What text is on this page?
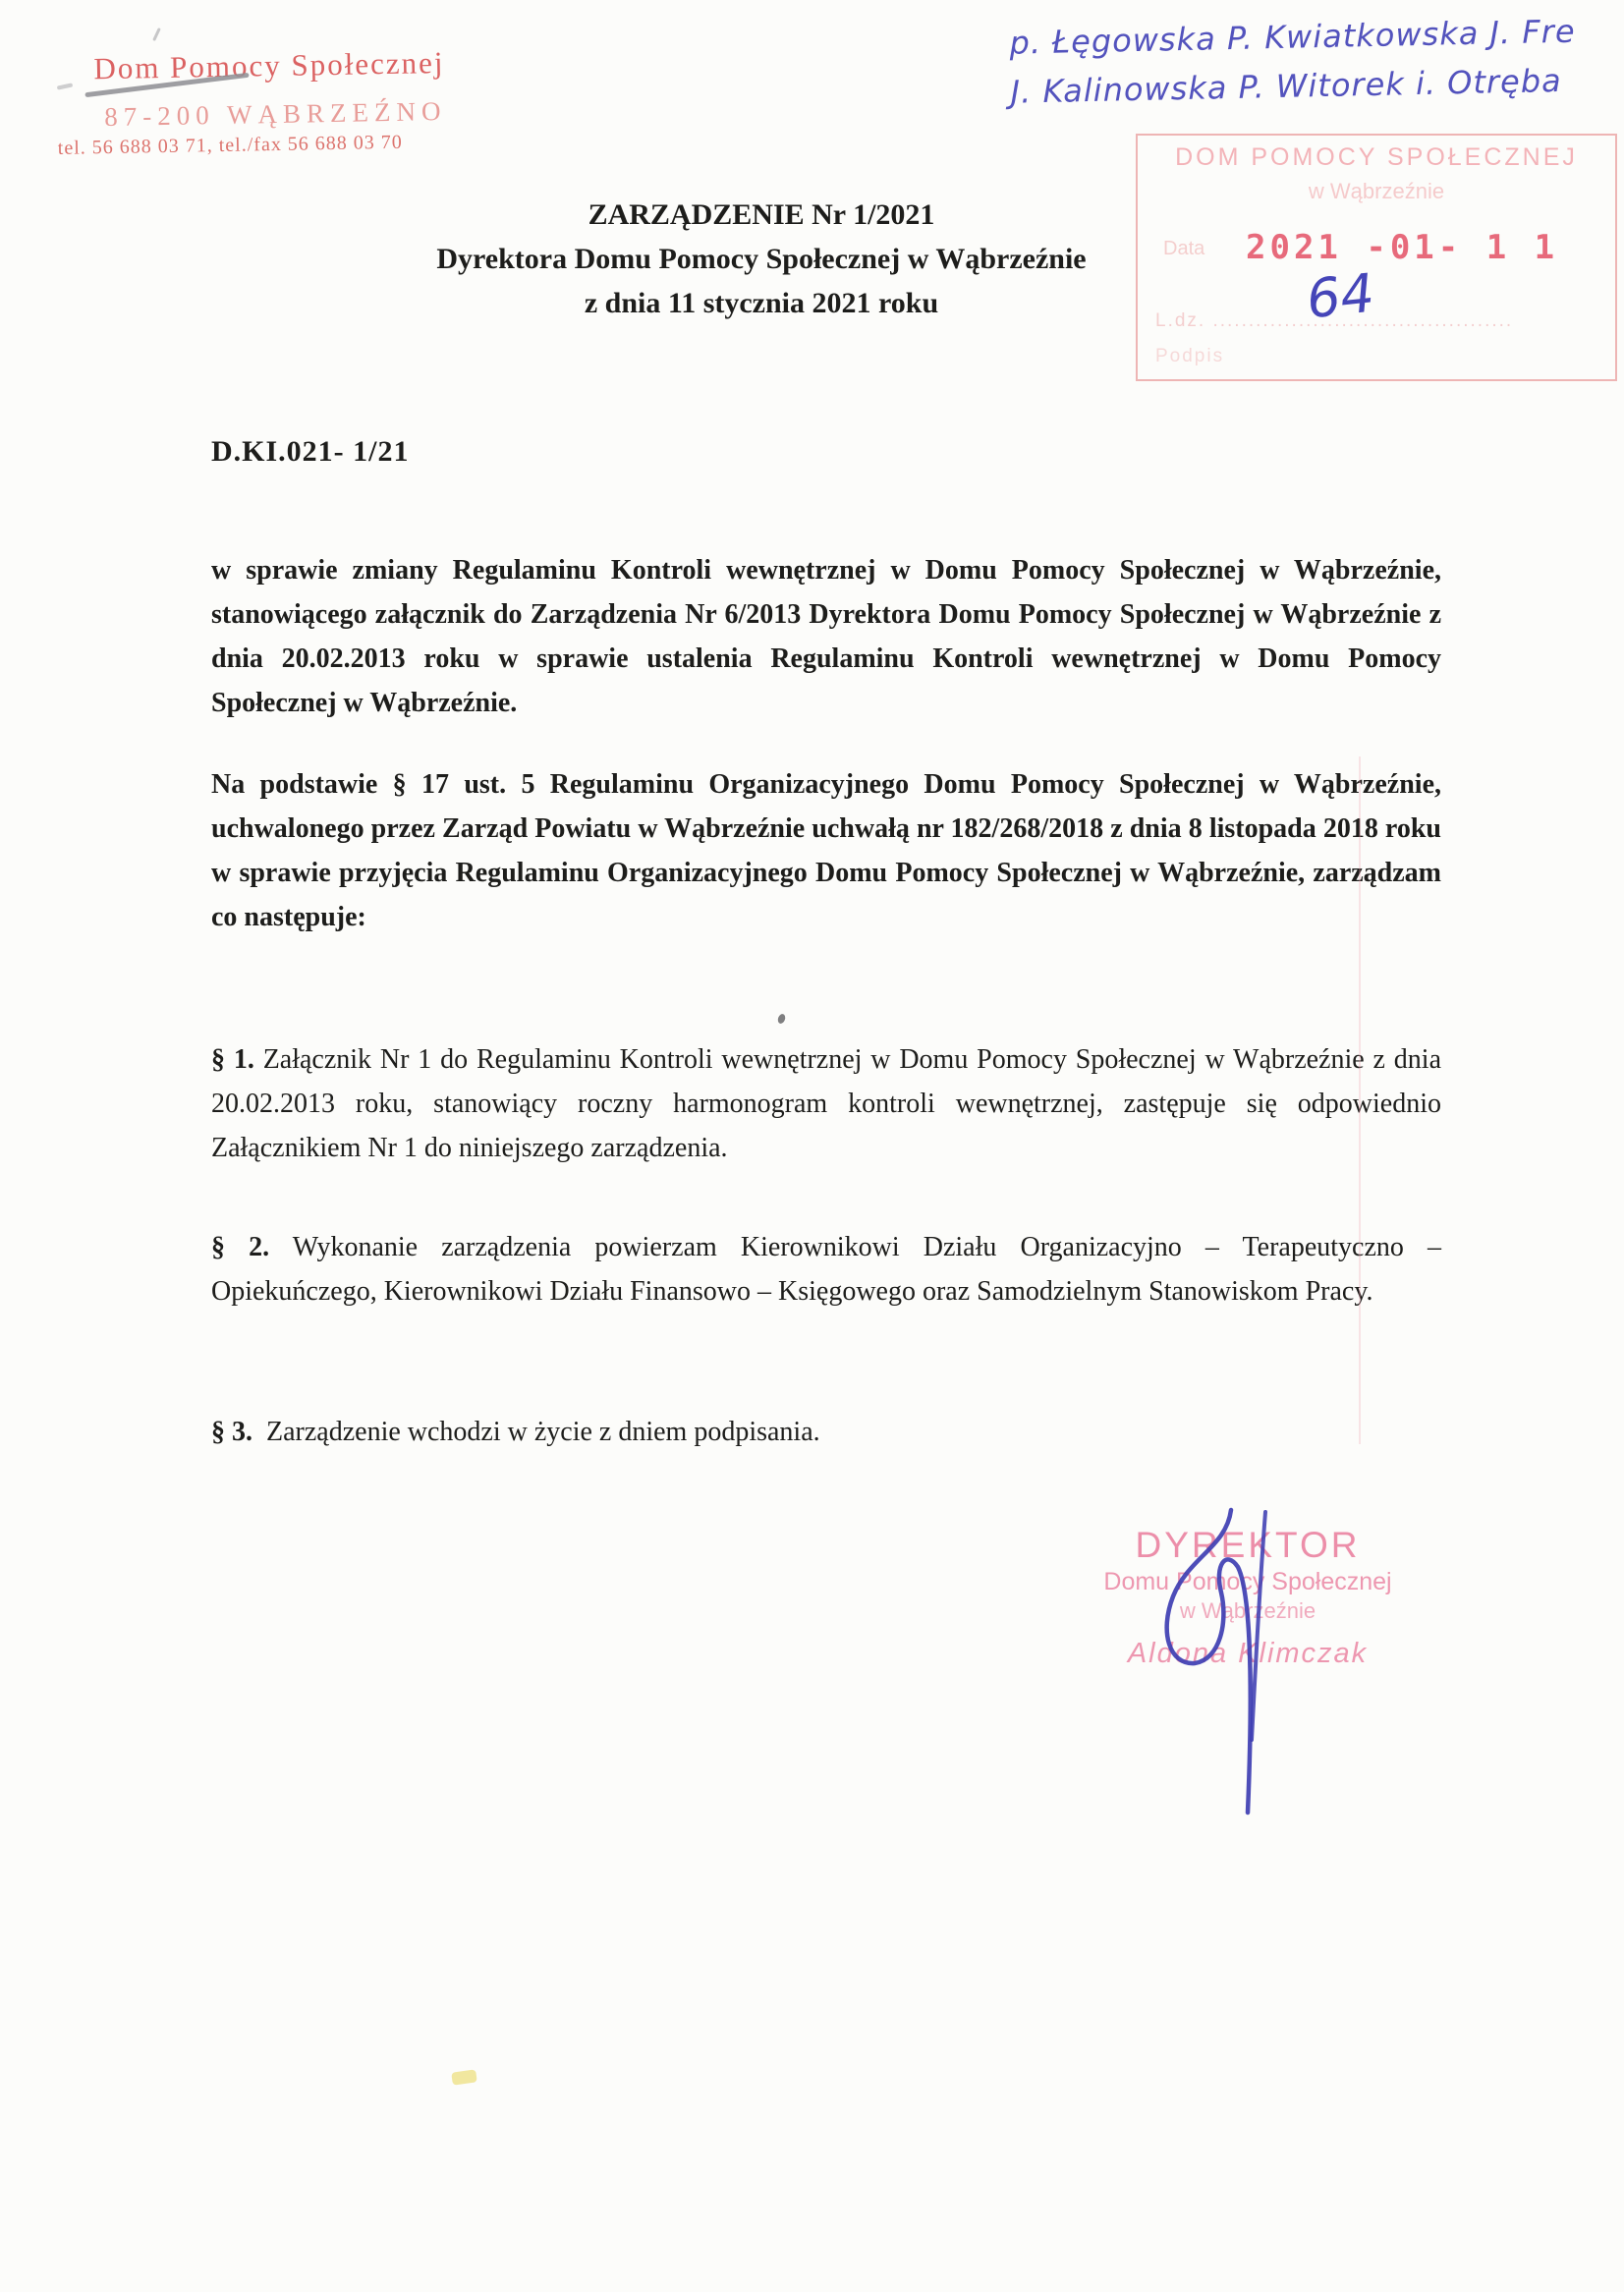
Dom Pomocy Społecznej
87-200 WĄBRZEŹNO
tel. 56 688 03 71, tel./fax 56 688 03 70
p. Łęgowska P. Kwiatkowska J. Fre
J. Kalinowska P. Witorek i. Otręba
DOM POMOCY SPOŁECZNEJ
w Wąbrzeźnie
Data 2021 -01- 1 1
64
L.dz. ..........................................
Podpis
ZARZĄDZENIE Nr 1/2021
Dyrektora Domu Pomocy Społecznej w Wąbrzeźnie
z dnia 11 stycznia 2021 roku
D.KI.021- 1/21
w sprawie zmiany Regulaminu Kontroli wewnętrznej w Domu Pomocy Społecznej w Wąbrzeźnie, stanowiącego załącznik do Zarządzenia Nr 6/2013 Dyrektora Domu Pomocy Społecznej w Wąbrzeźnie z dnia 20.02.2013 roku w sprawie ustalenia Regulaminu Kontroli wewnętrznej w Domu Pomocy Społecznej w Wąbrzeźnie.
Na podstawie § 17 ust. 5 Regulaminu Organizacyjnego Domu Pomocy Społecznej w Wąbrzeźnie, uchwalonego przez Zarząd Powiatu w Wąbrzeźnie uchwałą nr 182/268/2018 z dnia 8 listopada 2018 roku w sprawie przyjęcia Regulaminu Organizacyjnego Domu Pomocy Społecznej w Wąbrzeźnie, zarządzam co następuje:
§ 1. Załącznik Nr 1 do Regulaminu Kontroli wewnętrznej w Domu Pomocy Społecznej w Wąbrzeźnie z dnia 20.02.2013 roku, stanowiący roczny harmonogram kontroli wewnętrznej, zastępuje się odpowiednio Załącznikiem Nr 1 do niniejszego zarządzenia.
§ 2. Wykonanie zarządzenia powierzam Kierownikowi Działu Organizacyjno – Terapeutyczno – Opiekuńczego, Kierownikowi Działu Finansowo – Księgowego oraz Samodzielnym Stanowiskom Pracy.
§ 3. Zarządzenie wchodzi w życie z dniem podpisania.
DYREKTOR
Domu Pomocy Społecznej
w Wąbrzeźnie
Aldona Klimczak
